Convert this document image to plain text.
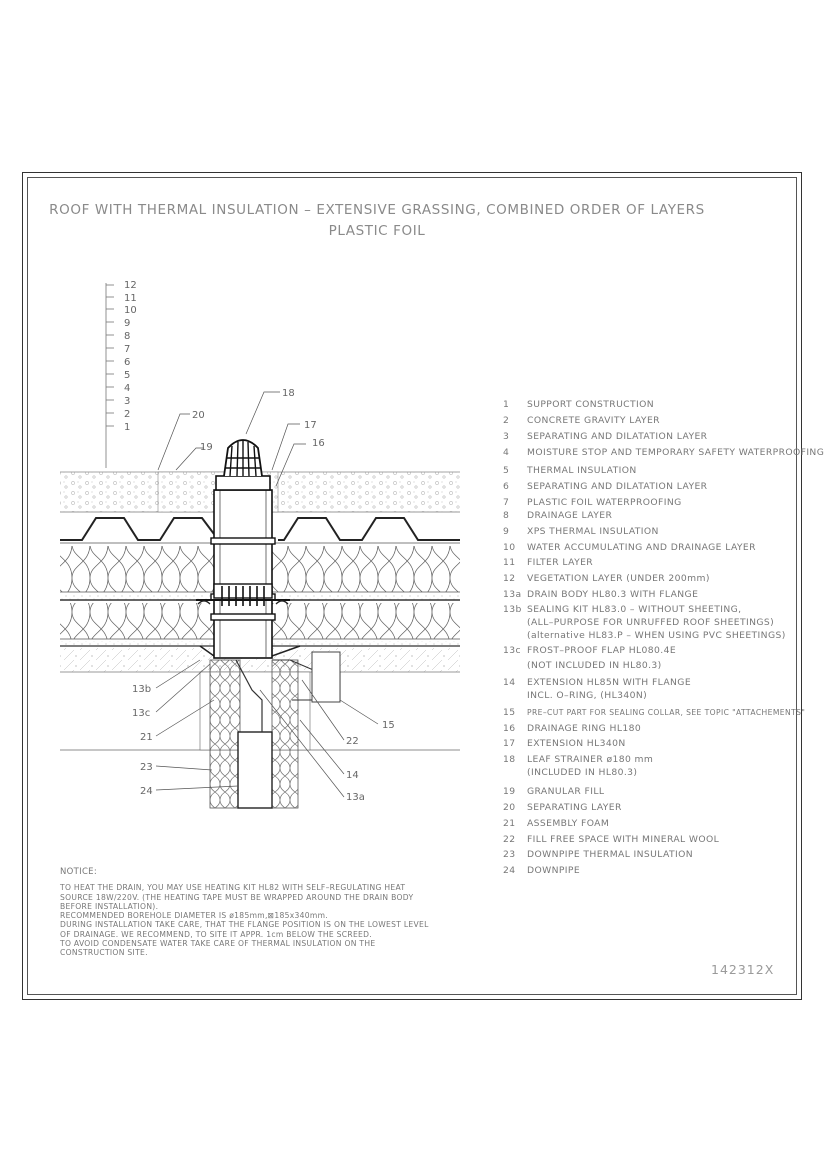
ROOF WITH THERMAL INSULATION – EXTENSIVE GRASSING, COMBINED ORDER OF LAYERS
PLASTIC FOIL
12
11
10
9
8
7
6
5
4
3
2
1
20
19
18
17
16
13b
13c
21	22
15
23
24
14
13a
1 SUPPORT CONSTRUCTION
2 CONCRETE GRAVITY LAYER
3 SEPARATING AND DILATATION LAYER
4 MOISTURE STOP AND TEMPORARY SAFETY WATERPROOFING
5 THERMAL INSULATION
6 SEPARATING AND DILATATION LAYER
7 PLASTIC FOIL WATERPROOFING
8 DRAINAGE LAYER
9 XPS THERMAL INSULATION
10 WATER ACCUMULATING AND DRAINAGE LAYER
11 FILTER LAYER
12 VEGETATION LAYER (UNDER 200mm)
13a DRAIN BODY HL80.3 WITH FLANGE
13b SEALING KIT HL83.0 – WITHOUT SHEETING,
(ALL–PURPOSE FOR UNRUFFED ROOF SHEETINGS)
(alternative HL83.P – WHEN USING PVC SHEETINGS)
13c FROST–PROOF FLAP HL080.4E
(NOT INCLUDED IN HL80.3)
14 EXTENSION HL85N WITH FLANGE
INCL. O–RING, (HL340N)
15 PRE–CUT PART FOR SEALING COLLAR, SEE TOPIC "ATTACHEMENTS"
16 DRAINAGE RING HL180
17 EXTENSION HL340N
18 LEAF STRAINER ø180 mm
(INCLUDED IN HL80.3)
19 GRANULAR FILL
20 SEPARATING LAYER
21 ASSEMBLY FOAM
22 FILL FREE SPACE WITH MINERAL WOOL
23 DOWNPIPE THERMAL INSULATION
24 DOWNPIPE
NOTICE:
TO HEAT THE DRAIN, YOU MAY USE HEATING KIT HL82 WITH SELF–REGULATING HEAT
SOURCE 18W/220V. (THE HEATING TAPE MUST BE WRAPPED AROUND THE DRAIN BODY
BEFORE INSTALLATION).
RECOMMENDED BOREHOLE DIAMETER IS ø185mm,⊠185x340mm.
DURING INSTALLATION TAKE CARE, THAT THE FLANGE POSITION IS ON THE LOWEST LEVEL
OF DRAINAGE. WE RECOMMEND, TO SITE IT APPR. 1cm BELOW THE SCREED.
TO AVOID CONDENSATE WATER TAKE CARE OF THERMAL INSULATION ON THE
CONSTRUCTION SITE.
142312X
